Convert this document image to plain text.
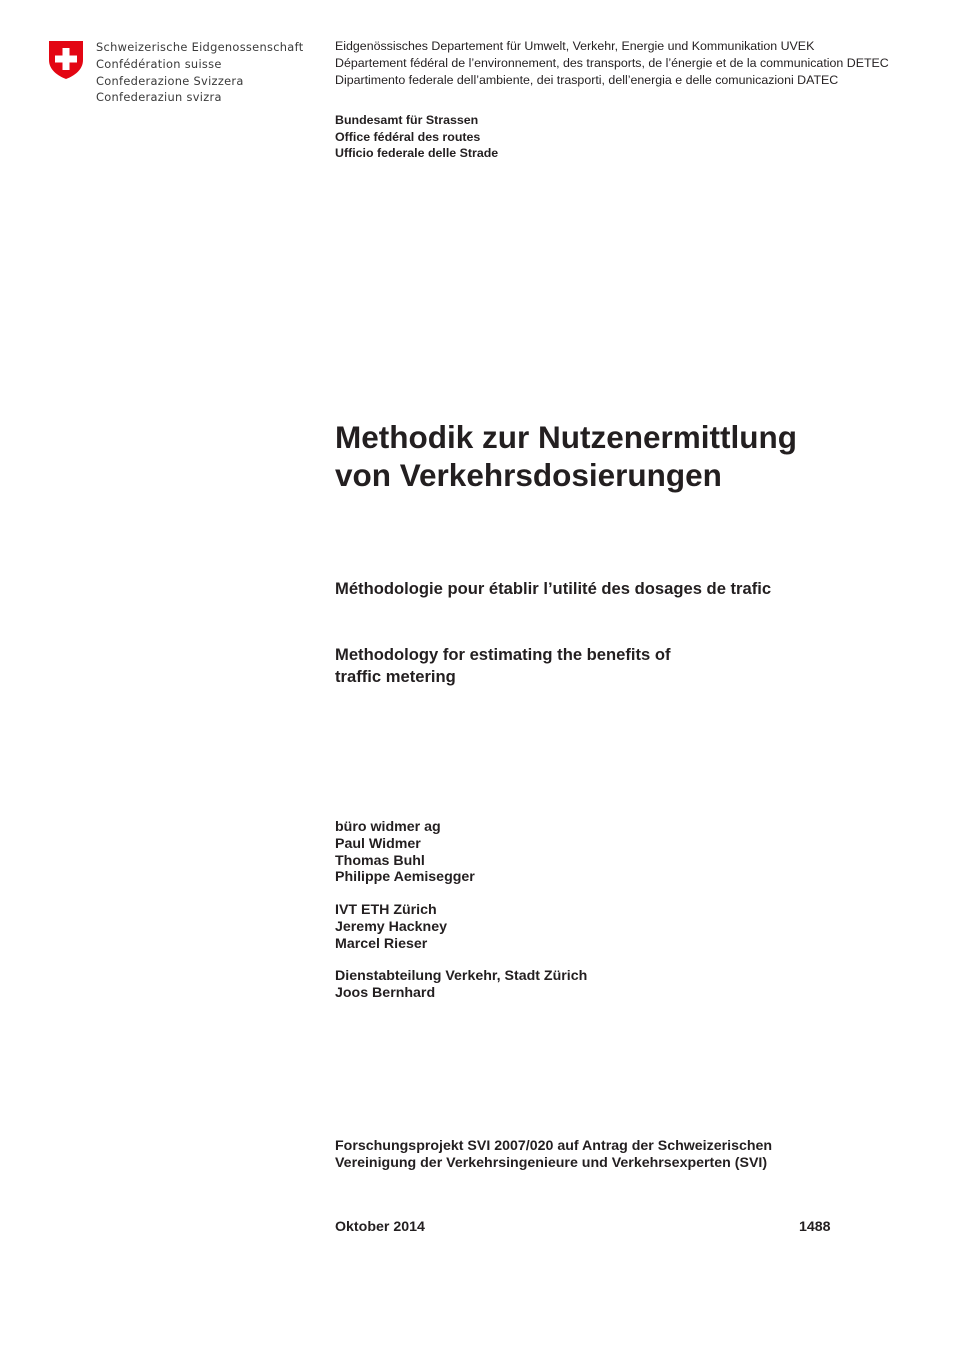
Schweizerische Eidgenossenschaft
Confédération suisse
Confederazione Svizzera
Confederaziun svizra
Eidgenössisches Departement für Umwelt, Verkehr, Energie und Kommunikation UVEK
Département fédéral de l’environnement, des transports, de l’énergie et de la communication DETEC
Dipartimento federale dell’ambiente, dei trasporti, dell’energia e delle comunicazioni DATEC
Bundesamt für Strassen
Office fédéral des routes
Ufficio federale delle Strade
Methodik zur Nutzenermittlung
von Verkehrsdosierungen
Méthodologie pour établir l’utilité des dosages de trafic
Methodology for estimating the benefits of
traffic metering
büro widmer ag
Paul Widmer
Thomas Buhl
Philippe Aemisegger
IVT ETH Zürich
Jeremy Hackney
Marcel Rieser
Dienstabteilung Verkehr, Stadt Zürich
Joos Bernhard
Forschungsprojekt SVI 2007/020 auf Antrag der Schweizerischen
Vereinigung der Verkehrsingenieure und Verkehrsexperten (SVI)
Oktober 2014	1488
